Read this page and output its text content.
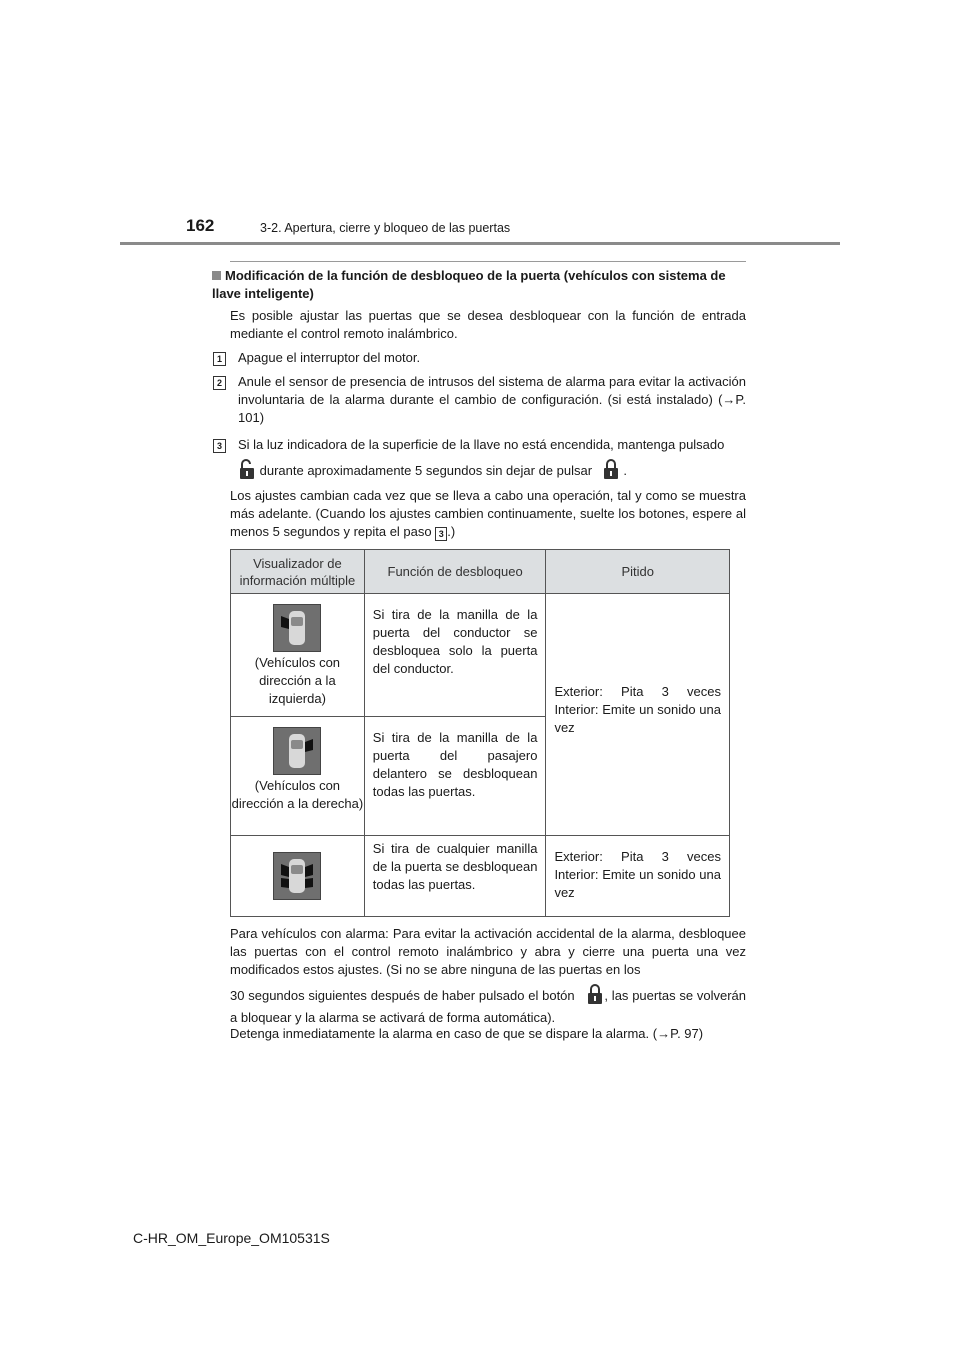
162	3-2. Apertura, cierre y bloqueo de las puertas
Modificación de la función de desbloqueo de la puerta (vehículos con sistema de llave inteligente)
Es posible ajustar las puertas que se desea desbloquear con la función de entrada mediante el control remoto inalámbrico.
1	Apague el interruptor del motor.
2	Anule el sensor de presencia de intrusos del sistema de alarma para evitar la activación involuntaria de la alarma durante el cambio de configuración. (si está instalado) (→P. 101)
3	Si la luz indicadora de la superficie de la llave no está encendida, mantenga pulsado
durante aproximadamente 5 segundos sin dejar de pulsar .
Los ajustes cambian cada vez que se lleva a cabo una operación, tal y como se muestra más adelante. (Cuando los ajustes cambien continuamente, suelte los botones, espere al menos 5 segundos y repita el paso 3 .)
Visualizador de información múltiple	Función de desbloqueo	Pitido

(Vehículos con dirección a la izquierda)	Si tira de la manilla de la puerta del conductor se desbloquea solo la puerta del conductor.	Exterior: Pita 3 veces Interior: Emite un sonido una vez

(Vehículos con dirección a la derecha)	Si tira de la manilla de la puerta del pasajero delantero se desbloquean todas las puertas.	

	Si tira de cualquier manilla de la puerta se desbloquean todas las puertas.	Exterior: Pita 3 veces Interior: Emite un sonido una vez
Para vehículos con alarma: Para evitar la activación accidental de la alarma, desbloquee las puertas con el control remoto inalámbrico y abra y cierre una puerta una vez modificados estos ajustes. (Si no se abre ninguna de las puertas en los
30 segundos siguientes después de haber pulsado el botón , las puertas se volverán a bloquear y la alarma se activará de forma automática).
Detenga inmediatamente la alarma en caso de que se dispare la alarma. (→P. 97)
C-HR_OM_Europe_OM10531S
